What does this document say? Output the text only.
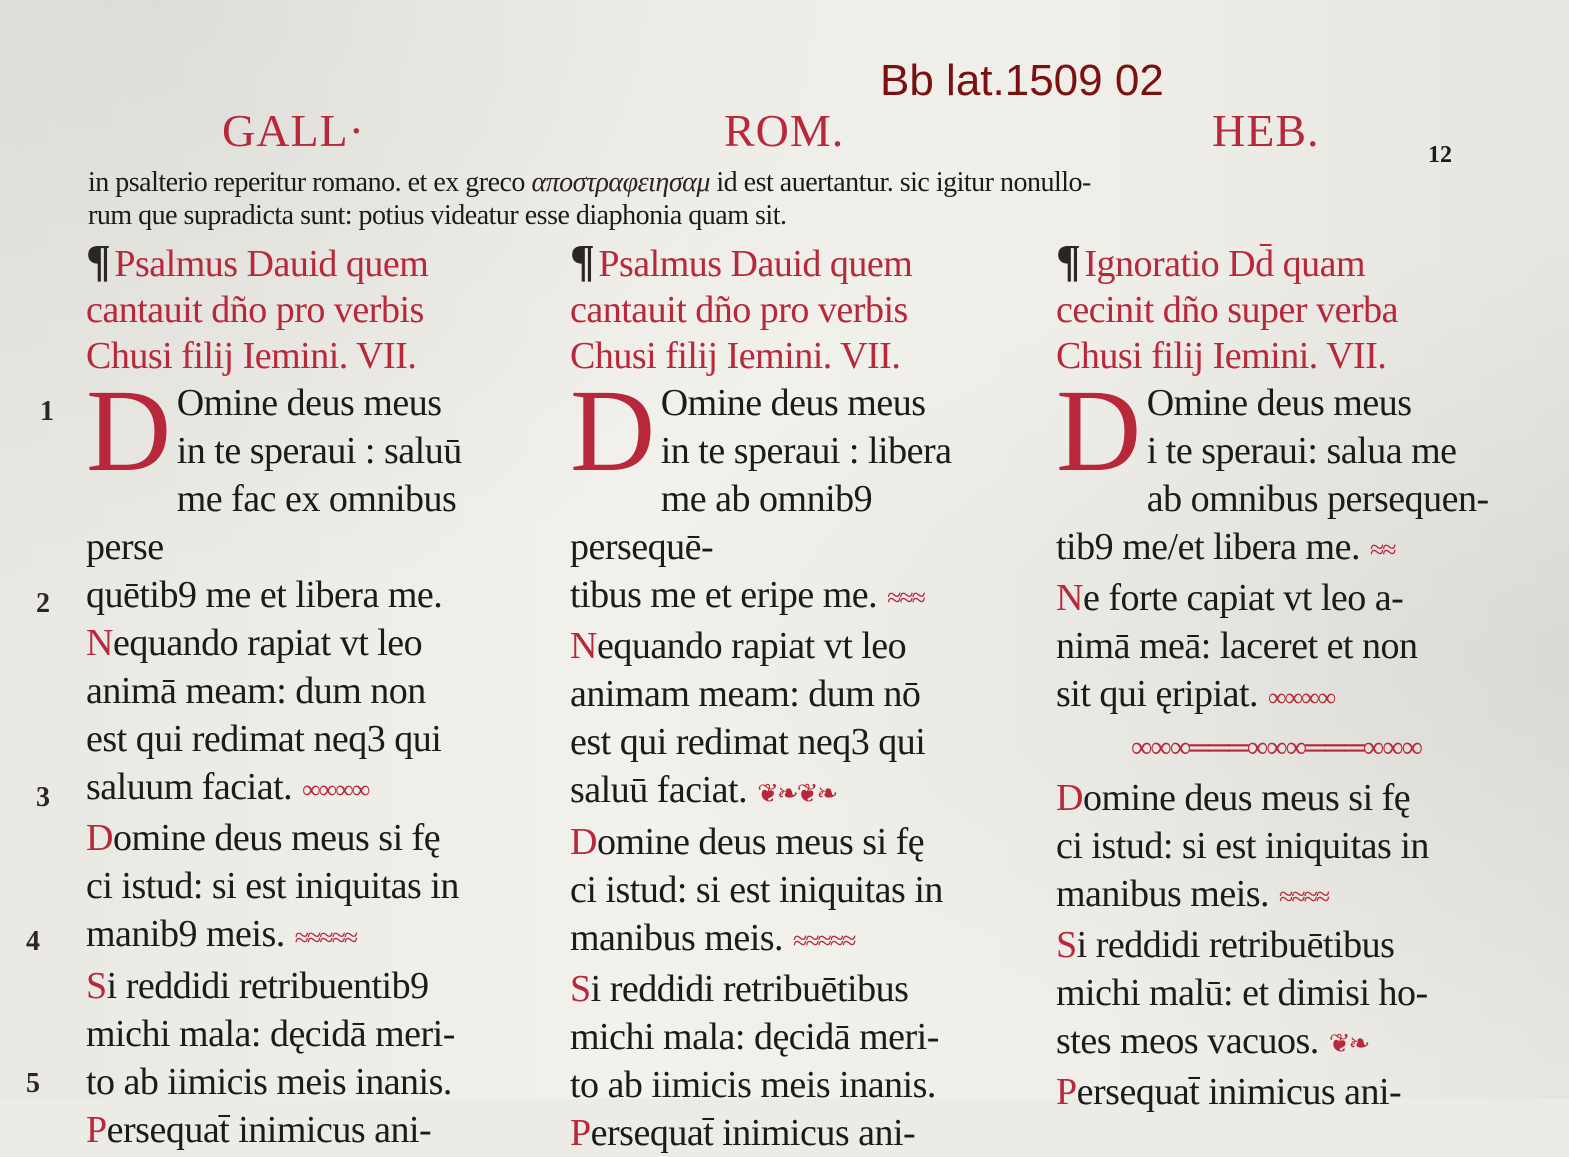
Bb lat.1509 02
GALL·	ROM.	HEB.	12
in psalterio reperitur romano. et ex greco αποστραφειησαμ id est auertantur. sic igitur nonullo-
rum que supradicta sunt: potius videatur esse diaphonia quam sit.
1
2
3
4
5
¶ Psalmus Dauid quem
cantauit dño pro verbis
Chusi filij Iemini. VII.
D Omine deus meus

in te speraui : saluū

me fac ex omnibus perse

quētib9 me et libera me.

Nequando rapiat vt leo

animā meam: dum non

est qui redimat neq3 qui

saluum faciat. ∞∞∞∞

Domine deus meus si fę

ci istud: si est iniquitas in

manib9 meis. ≈≈≈≈≈

Si reddidi retribuentib9

michi mala: dęcidā meri-

to ab iimicis meis inanis.

Persequat̄ inimicus ani-

¶ Psalmus Dauid quem
cantauit dño pro verbis
Chusi filij Iemini. VII.
D Omine deus meus

in te speraui : libera

me ab omnib9 persequē-

tibus me et eripe me. ≈≈≈

Nequando rapiat vt leo

animam meam: dum nō

est qui redimat neq3 qui

saluū faciat. ❦❧❦❧

Domine deus meus si fę

ci istud: si est iniquitas in

manibus meis. ≈≈≈≈≈

Si reddidi retribuētibus

michi mala: dęcidā meri-

to ab iimicis meis inanis.

Persequat̄ inimicus ani-

¶ Ignoratio Dd̄ quam
cecinit dño super verba
Chusi filij Iemini. VII.
D Omine deus meus

i te speraui: salua me

ab omnibus persequen-

tib9 me/et libera me. ≈≈

Ne forte capiat vt leo a-

nimā meā: laceret et non

sit qui ęripiat. ∞∞∞∞

∞∞∞═══∞∞∞═══∞∞∞

Domine deus meus si fę

ci istud: si est iniquitas in

manibus meis. ≈≈≈≈

Si reddidi retribuētibus

michi malū: et dimisi ho-

stes meos vacuos. ❦❧

Persequat̄ inimicus ani-
